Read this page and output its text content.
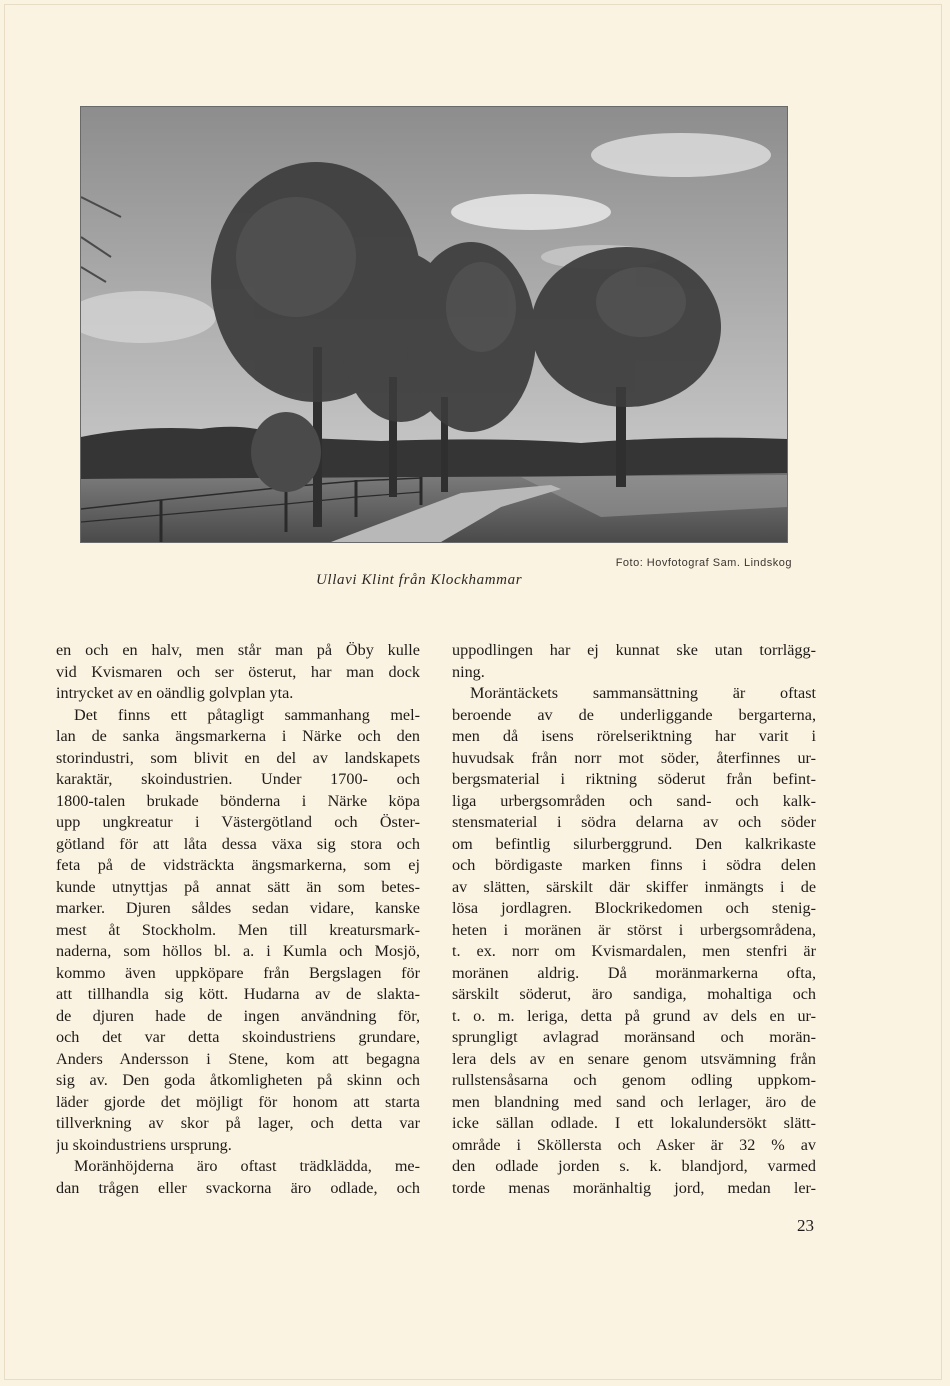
Foto: Hovfotograf Sam. Lindskog
Ullavi Klint från Klockhammar
en och en halv, men står man på Öby kulle
vid Kvismaren och ser österut, har man dock
intrycket av en oändlig golvplan yta.
Det finns ett påtagligt sammanhang mel-
lan de sanka ängsmarkerna i Närke och den
storindustri, som blivit en del av landskapets
karaktär, skoindustrien. Under 1700- och
1800-talen brukade bönderna i Närke köpa
upp ungkreatur i Västergötland och Öster-
götland för att låta dessa växa sig stora och
feta på de vidsträckta ängsmarkerna, som ej
kunde utnyttjas på annat sätt än som betes-
marker. Djuren såldes sedan vidare, kanske
mest åt Stockholm. Men till kreatursmark-
naderna, som höllos bl. a. i Kumla och Mosjö,
kommo även uppköpare från Bergslagen för
att tillhandla sig kött. Hudarna av de slakta-
de djuren hade de ingen användning för,
och det var detta skoindustriens grundare,
Anders Andersson i Stene, kom att begagna
sig av. Den goda åtkomligheten på skinn och
läder gjorde det möjligt för honom att starta
tillverkning av skor på lager, och detta var
ju skoindustriens ursprung.
Moränhöjderna äro oftast trädklädda, me-
dan trågen eller svackorna äro odlade, och
uppodlingen har ej kunnat ske utan torrlägg-
ning.
Moräntäckets sammansättning är oftast
beroende av de underliggande bergarterna,
men då isens rörelseriktning har varit i
huvudsak från norr mot söder, återfinnes ur-
bergsmaterial i riktning söderut från befint-
liga urbergsområden och sand- och kalk-
stensmaterial i södra delarna av och söder
om befintlig silurberggrund. Den kalkrikaste
och bördigaste marken finns i södra delen
av slätten, särskilt där skiffer inmängts i de
lösa jordlagren. Blockrikedomen och stenig-
heten i moränen är störst i urbergsområdena,
t. ex. norr om Kvismardalen, men stenfri är
moränen aldrig. Då moränmarkerna ofta,
särskilt söderut, äro sandiga, mohaltiga och
t. o. m. leriga, detta på grund av dels en ur-
sprungligt avlagrad moränsand och morän-
lera dels av en senare genom utsvämning från
rullstensåsarna och genom odling uppkom-
men blandning med sand och lerlager, äro de
icke sällan odlade. I ett lokalundersökt slätt-
område i Sköllersta och Asker är 32 % av
den odlade jorden s. k. blandjord, varmed
torde menas moränhaltig jord, medan ler-
23
